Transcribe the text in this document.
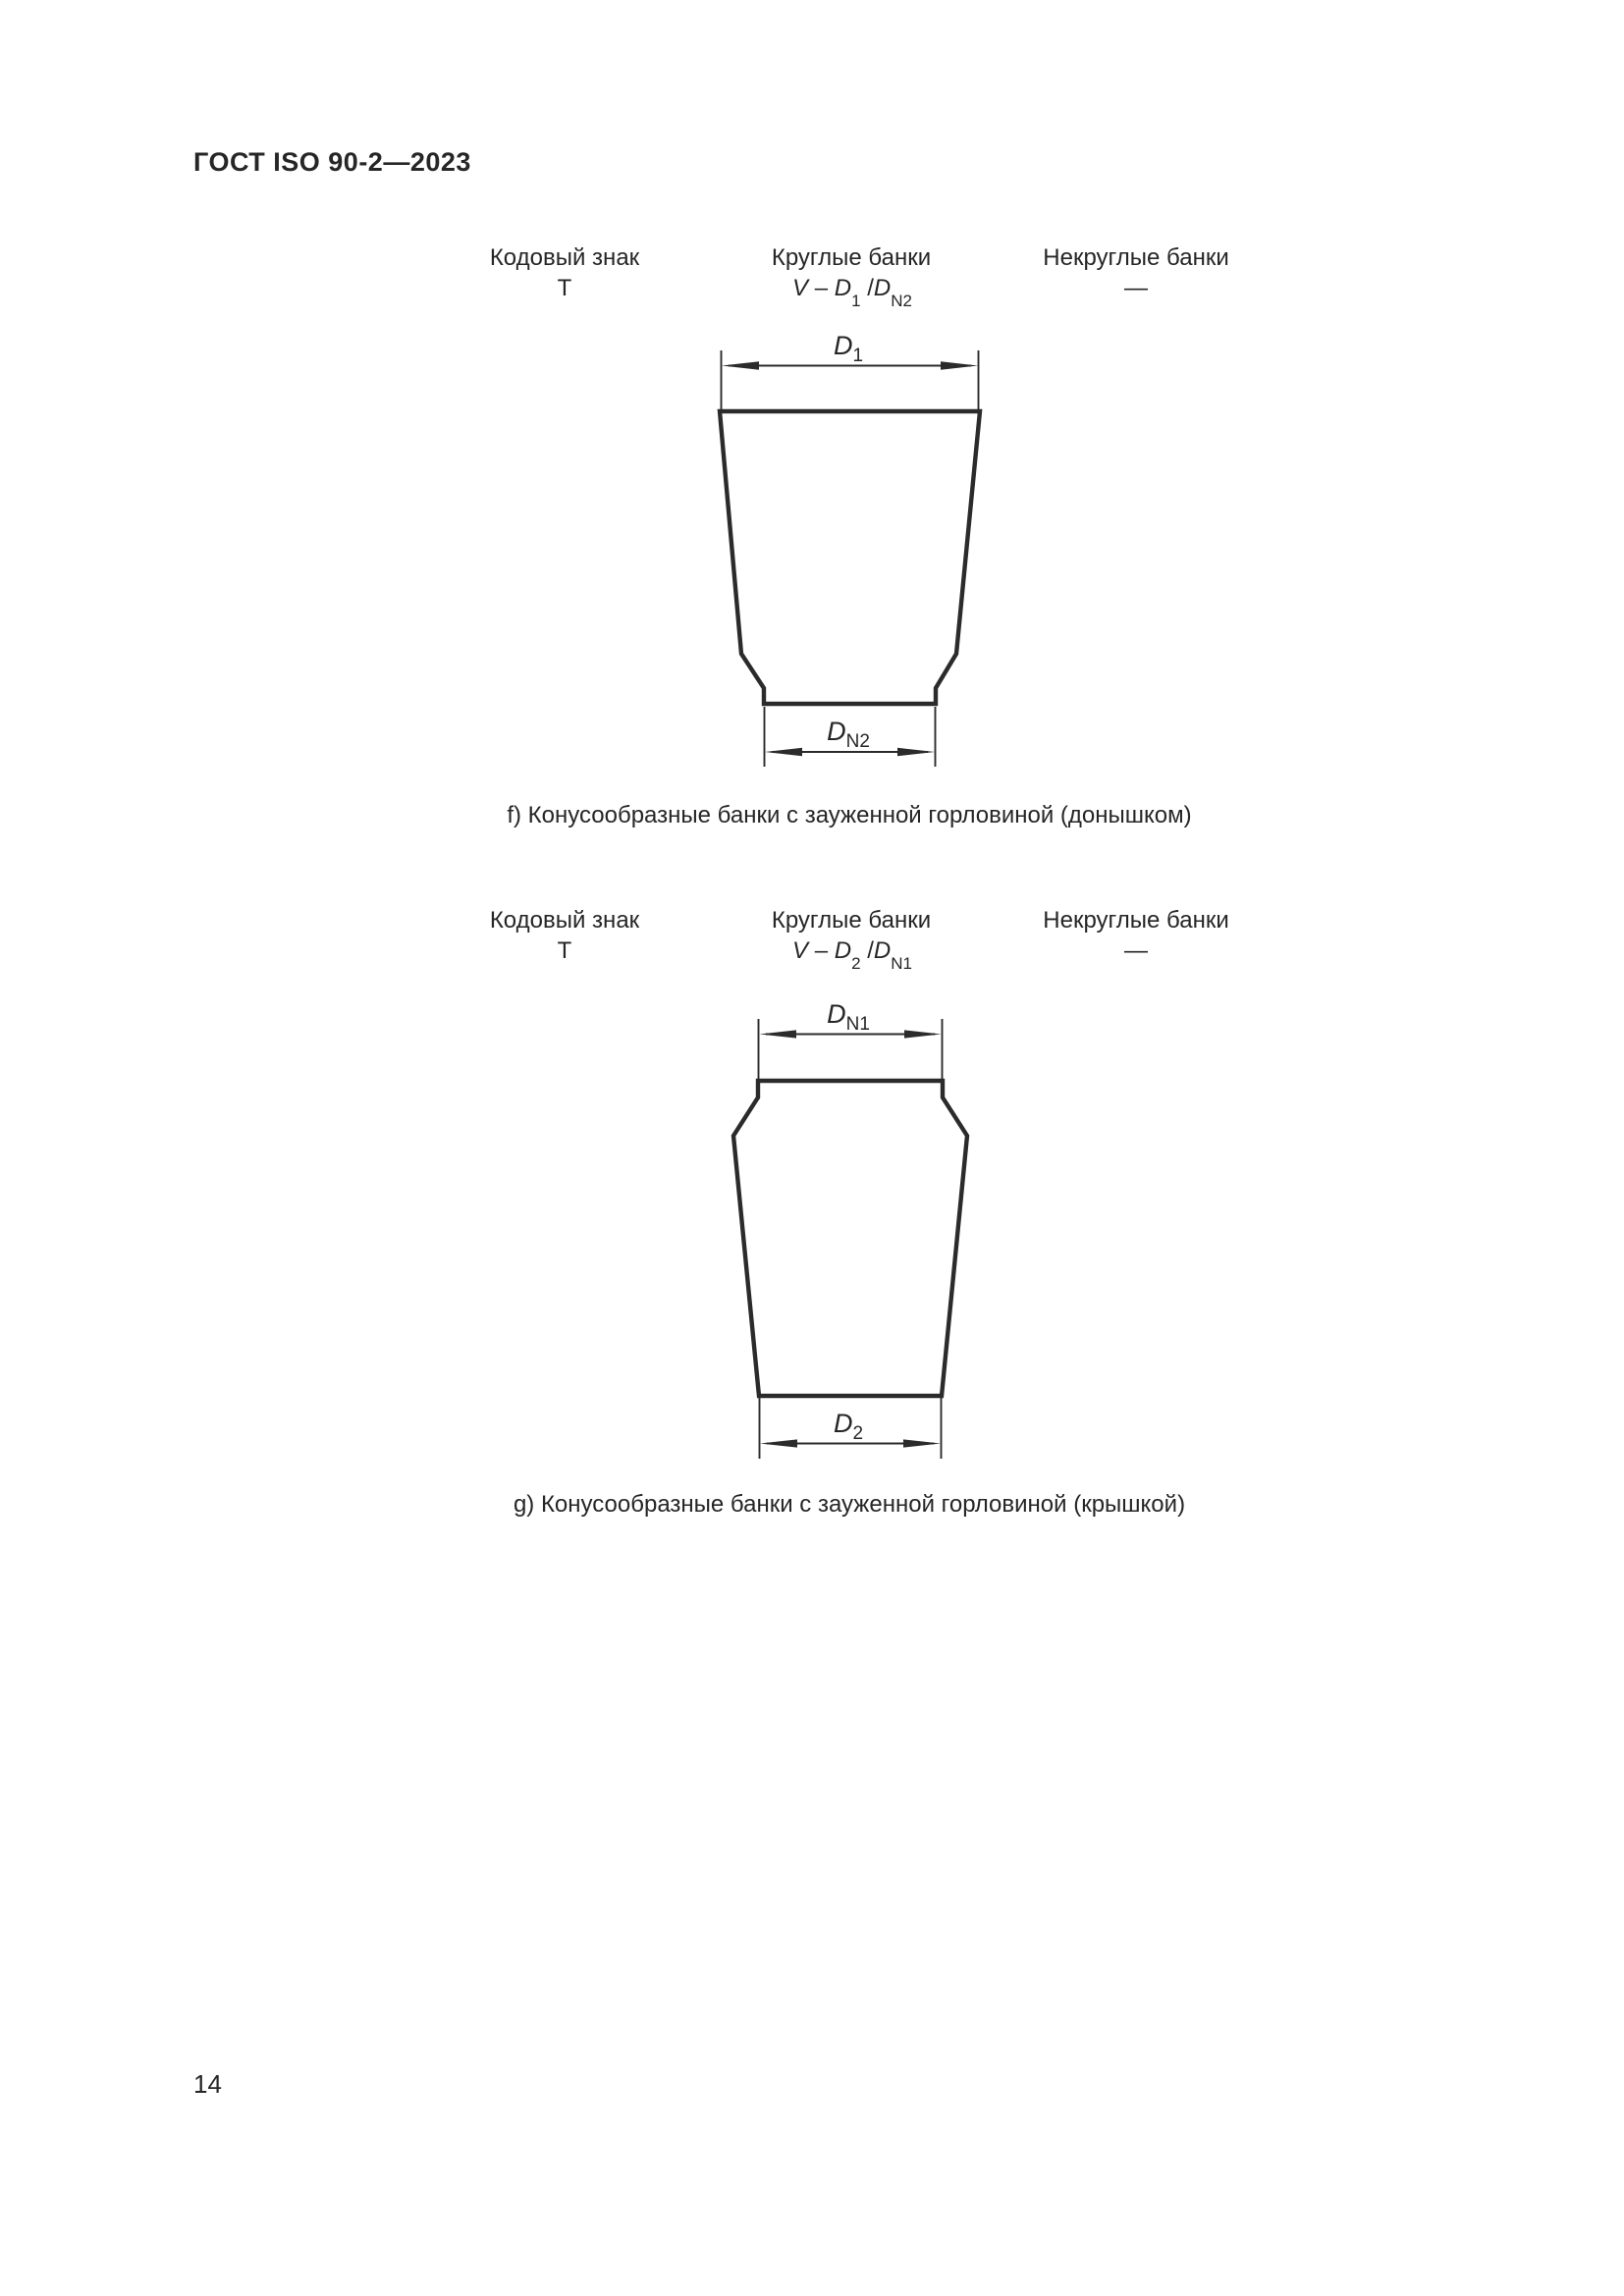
ГОСТ ISO 90-2—2023
Кодовый знак	Круглые банки	Некруглые банки
Т	V – $D_1$ $/D_{N2}$	—
$D_1$
$D_{N2}$
f) Конусообразные банки с зауженной горловиной (донышком)
Кодовый знак	Круглые банки	Некруглые банки
Т	V – $D_2$ $/D_{N1}$	—
$D_{N1}$
$D_2$
g) Конусообразные банки с зауженной горловиной (крышкой)
14
